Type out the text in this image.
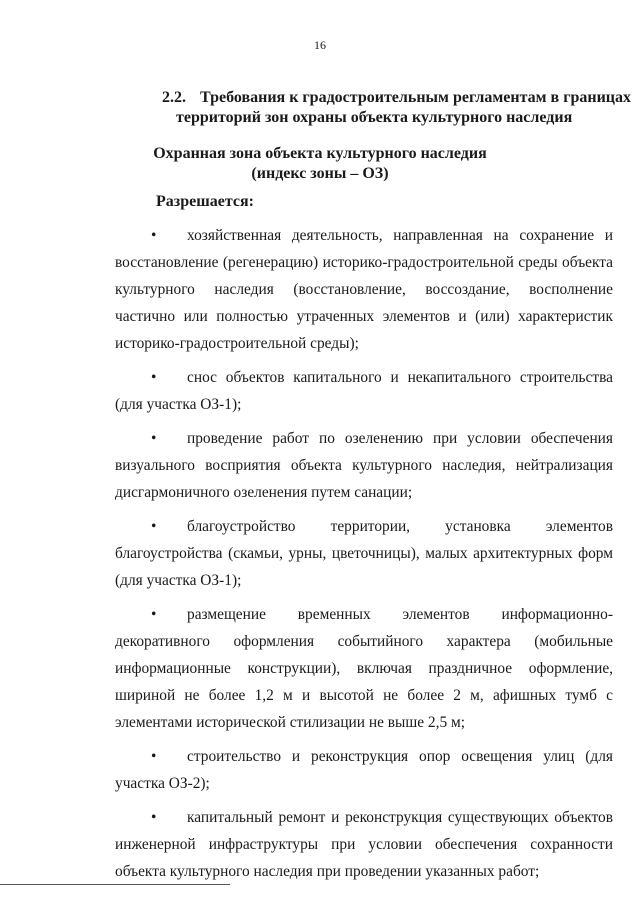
16
2.2. Требования к градостроительным регламентам в границах
территорий зон охраны объекта культурного наследия
Охранная зона объекта культурного наследия
(индекс зоны – ОЗ)
Разрешается:

• хозяйственная деятельность, направленная на сохранение и восстановление (регенерацию) историко-градостроительной среды объекта культурного наследия (восстановление, воссоздание, восполнение частично или полностью утраченных элементов и (или) характеристик историко-градостроительной среды);

• снос объектов капитального и некапитального строительства (для участка ОЗ-1);

• проведение работ по озеленению при условии обеспечения визуального восприятия объекта культурного наследия, нейтрализация дисгармоничного озеленения путем санации;

• благоустройство территории, установка элементов благоустройства (скамьи, урны, цветочницы), малых архитектурных форм (для участка ОЗ-1);

• размещение временных элементов информационно-декоративного оформления событийного характера (мобильные информационные конструкции), включая праздничное оформление, шириной не более 1,2 м и высотой не более 2 м, афишных тумб с элементами исторической стилизации не выше 2,5 м;

• строительство и реконструкция опор освещения улиц (для участка ОЗ-2);

• капитальный ремонт и реконструкция существующих объектов инженерной инфраструктуры при условии обеспечения сохранности объекта культурного наследия при проведении указанных работ;
